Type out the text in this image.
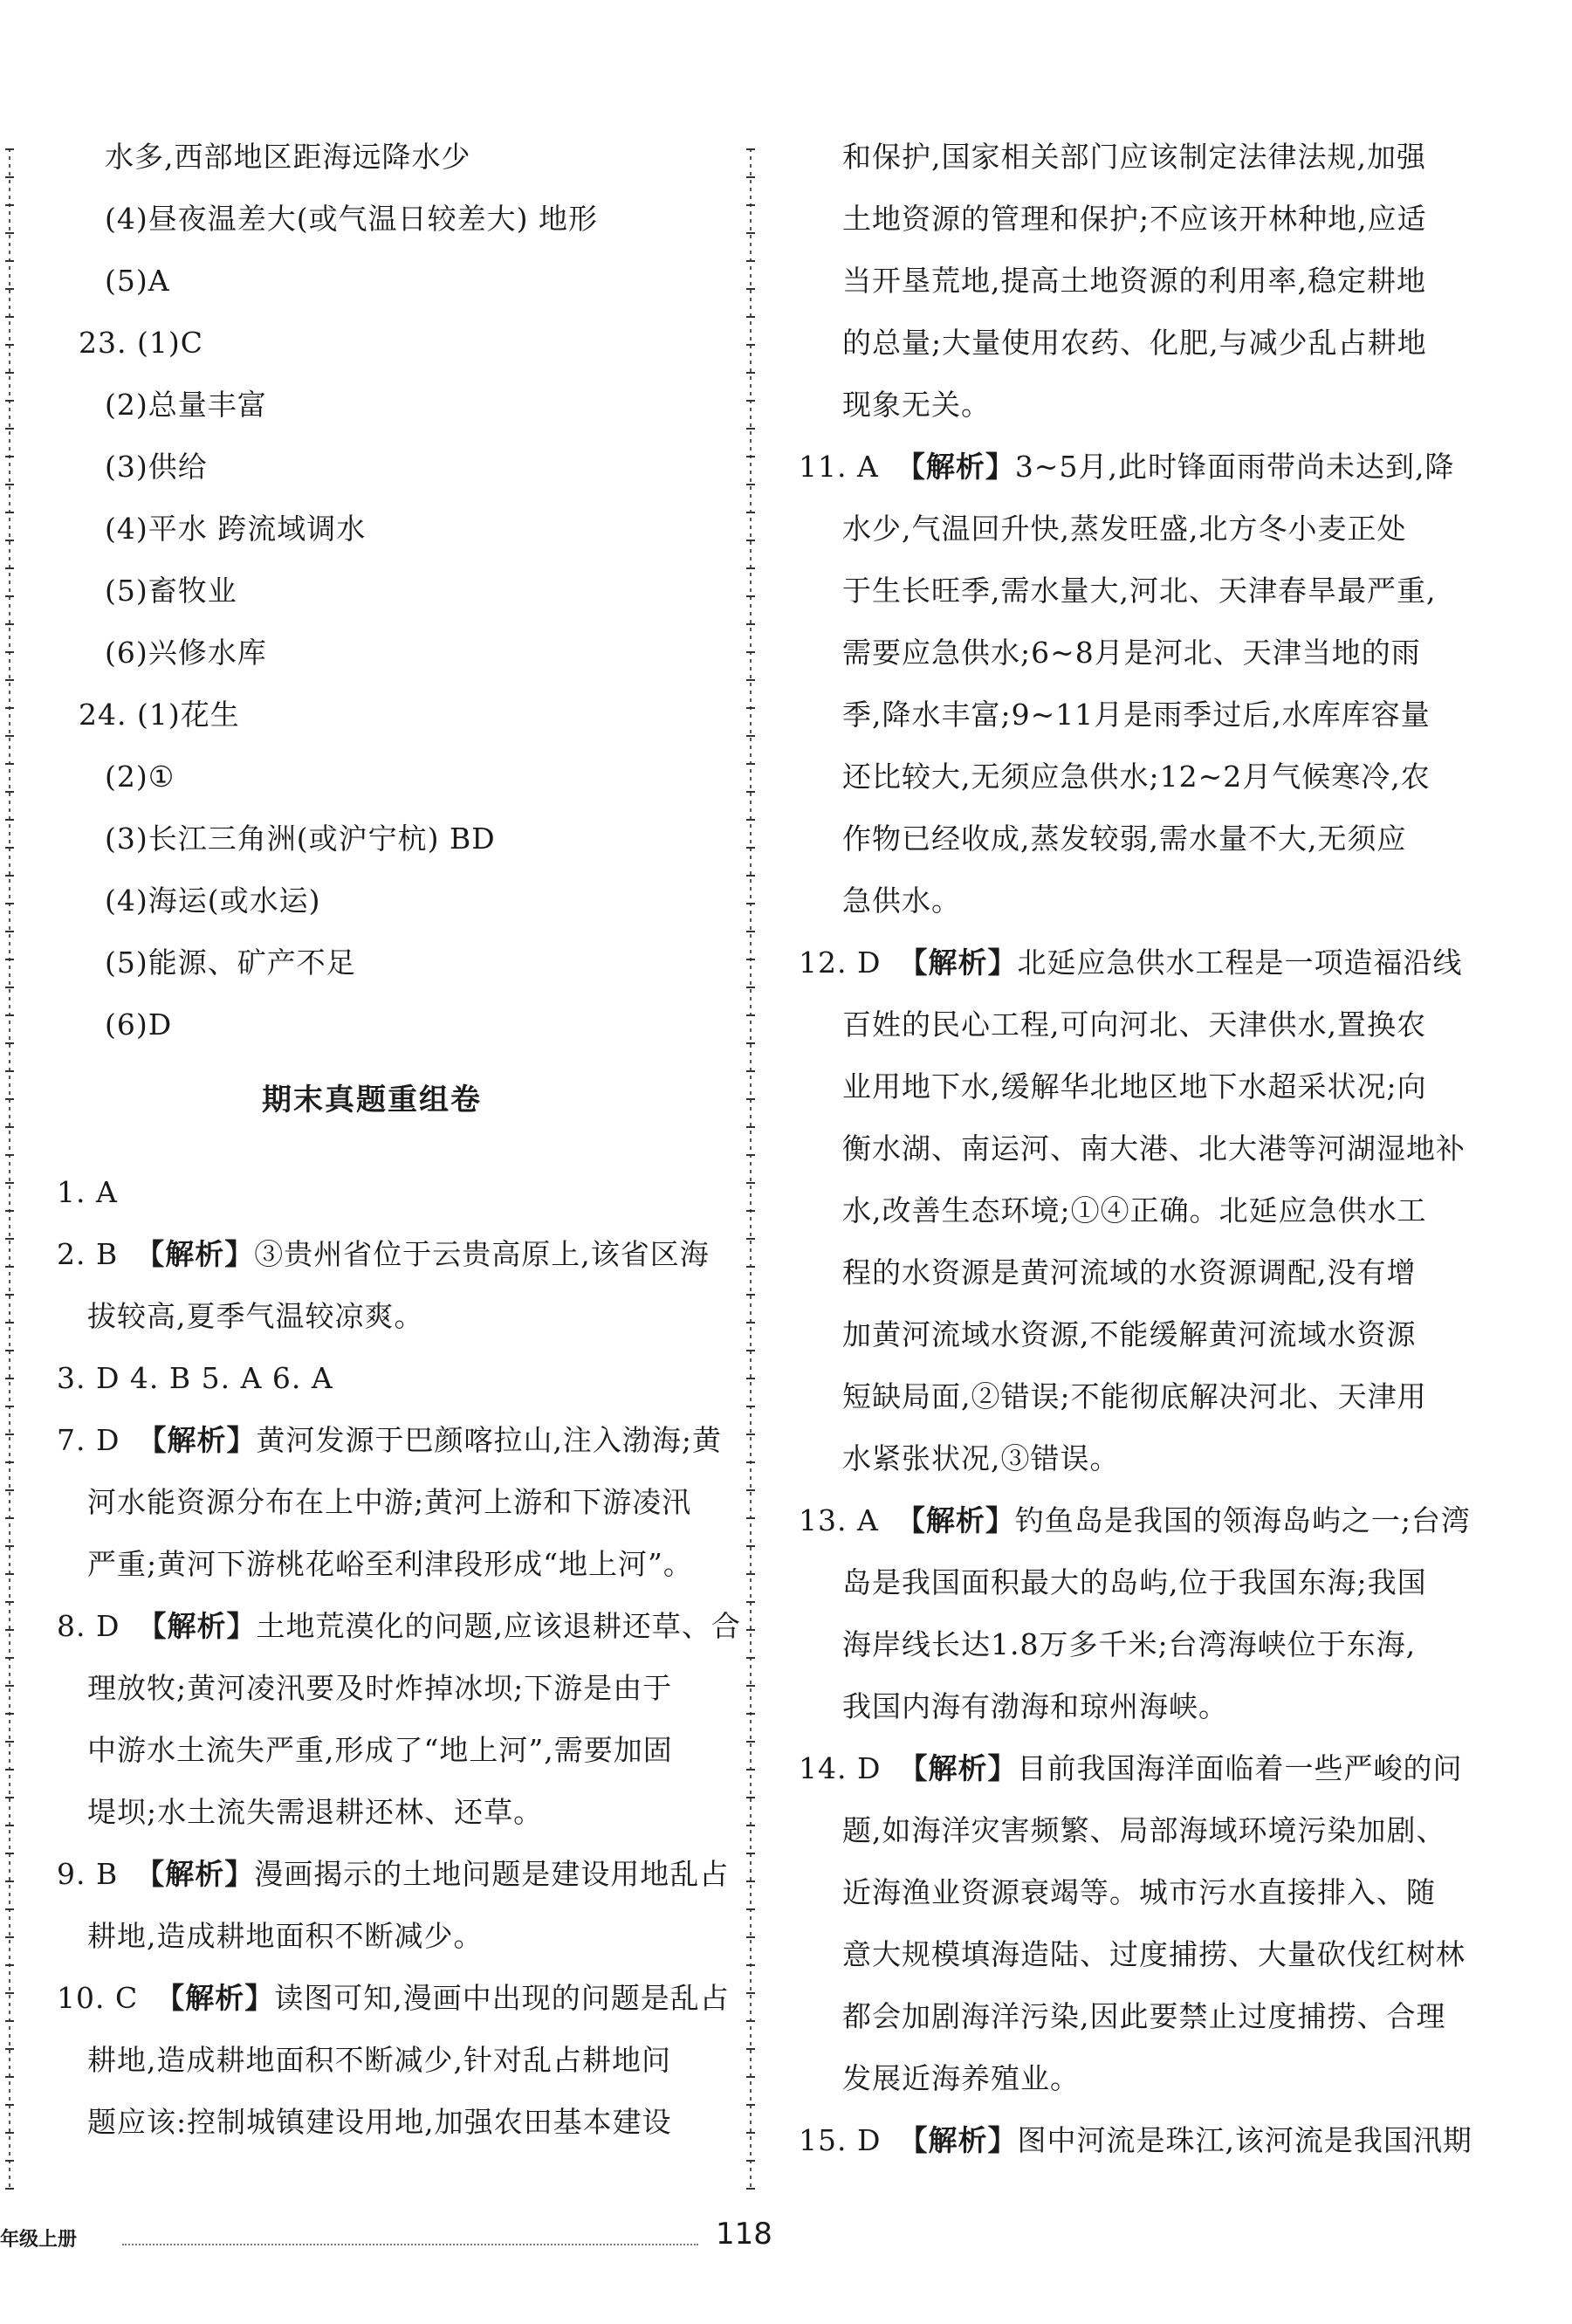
水多,西部地区距海远降水少
(4)昼夜温差大(或气温日较差大) 地形
(5)A
23. (1)C
(2)总量丰富
(3)供给
(4)平水 跨流域调水
(5)畜牧业
(6)兴修水库
24. (1)花生
(2)①
(3)长江三角洲(或沪宁杭) BD
(4)海运(或水运)
(5)能源、矿产不足
(6)D
期末真题重组卷
1. A
2. B 【解析】③贵州省位于云贵高原上,该省区海
拔较高,夏季气温较凉爽。
3. D 4. B 5. A 6. A
7. D 【解析】黄河发源于巴颜喀拉山,注入渤海;黄
河水能资源分布在上中游;黄河上游和下游凌汛
严重;黄河下游桃花峪至利津段形成“地上河”。
8. D 【解析】土地荒漠化的问题,应该退耕还草、合
理放牧;黄河凌汛要及时炸掉冰坝;下游是由于
中游水土流失严重,形成了“地上河”,需要加固
堤坝;水土流失需退耕还林、还草。
9. B 【解析】漫画揭示的土地问题是建设用地乱占
耕地,造成耕地面积不断减少。
10. C 【解析】读图可知,漫画中出现的问题是乱占
耕地,造成耕地面积不断减少,针对乱占耕地问
题应该:控制城镇建设用地,加强农田基本建设
和保护,国家相关部门应该制定法律法规,加强
土地资源的管理和保护;不应该开林种地,应适
当开垦荒地,提高土地资源的利用率,稳定耕地
的总量;大量使用农药、化肥,与减少乱占耕地
现象无关。
11. A 【解析】3~5月,此时锋面雨带尚未达到,降
水少,气温回升快,蒸发旺盛,北方冬小麦正处
于生长旺季,需水量大,河北、天津春旱最严重,
需要应急供水;6~8月是河北、天津当地的雨
季,降水丰富;9~11月是雨季过后,水库库容量
还比较大,无须应急供水;12~2月气候寒冷,农
作物已经收成,蒸发较弱,需水量不大,无须应
急供水。
12. D 【解析】北延应急供水工程是一项造福沿线
百姓的民心工程,可向河北、天津供水,置换农
业用地下水,缓解华北地区地下水超采状况;向
衡水湖、南运河、南大港、北大港等河湖湿地补
水,改善生态环境;①④正确。北延应急供水工
程的水资源是黄河流域的水资源调配,没有增
加黄河流域水资源,不能缓解黄河流域水资源
短缺局面,②错误;不能彻底解决河北、天津用
水紧张状况,③错误。
13. A 【解析】钓鱼岛是我国的领海岛屿之一;台湾
岛是我国面积最大的岛屿,位于我国东海;我国
海岸线长达1.8万多千米;台湾海峡位于东海,
我国内海有渤海和琼州海峡。
14. D 【解析】目前我国海洋面临着一些严峻的问
题,如海洋灾害频繁、局部海域环境污染加剧、
近海渔业资源衰竭等。城市污水直接排入、随
意大规模填海造陆、过度捕捞、大量砍伐红树林
都会加剧海洋污染,因此要禁止过度捕捞、合理
发展近海养殖业。
15. D 【解析】图中河流是珠江,该河流是我国汛期
年级上册	118
